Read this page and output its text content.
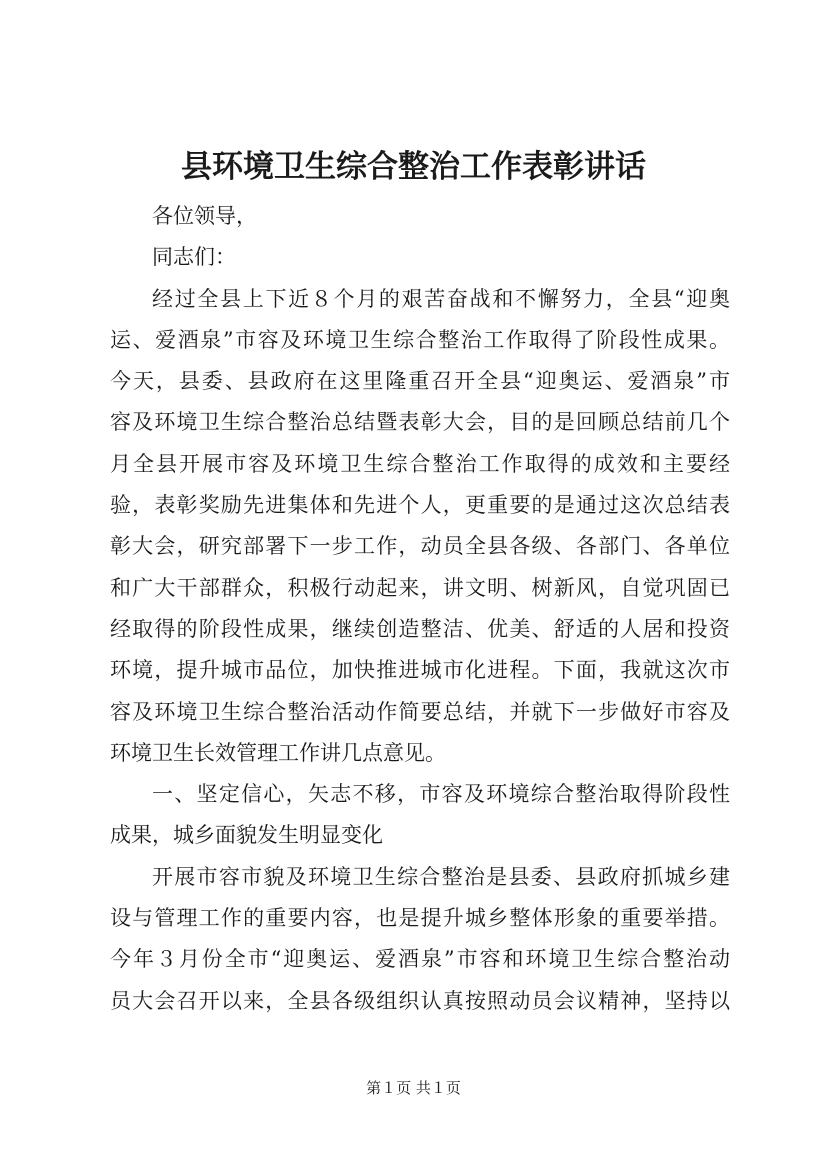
县环境卫生综合整治工作表彰讲话
各位领导，
同志们：
经过全县上下近８个月的艰苦奋战和不懈努力，全县“迎奥
运、爱酒泉”市容及环境卫生综合整治工作取得了阶段性成果。
今天，县委、县政府在这里隆重召开全县“迎奥运、爱酒泉”市
容及环境卫生综合整治总结暨表彰大会，目的是回顾总结前几个
月全县开展市容及环境卫生综合整治工作取得的成效和主要经
验，表彰奖励先进集体和先进个人，更重要的是通过这次总结表
彰大会，研究部署下一步工作，动员全县各级、各部门、各单位
和广大干部群众，积极行动起来，讲文明、树新风，自觉巩固已
经取得的阶段性成果，继续创造整洁、优美、舒适的人居和投资
环境，提升城市品位，加快推进城市化进程。下面，我就这次市
容及环境卫生综合整治活动作简要总结，并就下一步做好市容及
环境卫生长效管理工作讲几点意见。
一、坚定信心，矢志不移，市容及环境综合整治取得阶段性
成果，城乡面貌发生明显变化
开展市容市貌及环境卫生综合整治是县委、县政府抓城乡建
设与管理工作的重要内容，也是提升城乡整体形象的重要举措。
今年３月份全市“迎奥运、爱酒泉”市容和环境卫生综合整治动
员大会召开以来，全县各级组织认真按照动员会议精神，坚持以
第１页 共１页
